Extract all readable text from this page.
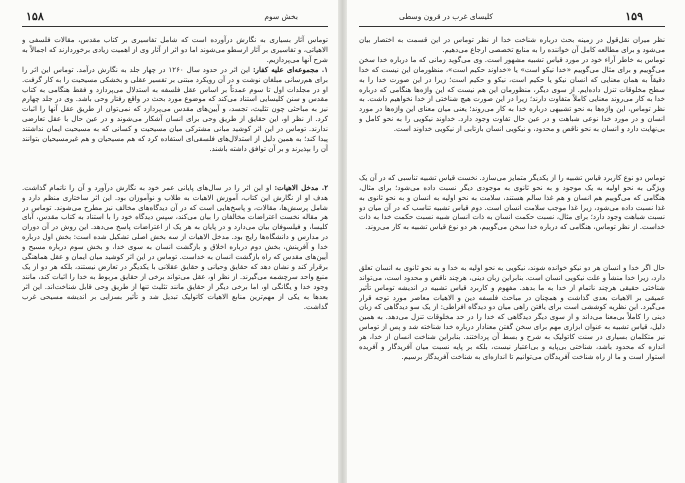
۱۵۸	بخش سوم

توماس آثار بسیاری به نگارش درآورده است که شامل تفاسیری بر کتاب مقدس، مقالات فلسفی و الاهیاتی، و تفاسیری بر آثار ارسطو می‌شوند اما دو اثر از آثار وی از اهمیت زیادی برخوردارند که اجمالاً به شرح آنها می‌پردازیم.

۱. مجموعه‌ای علیه کفار: این اثر در حدود سال ۱۲۶۰ در چهار جلد به نگارش درآمد. توماس این اثر را برای هم‌رسانی مبلغان نوشت و در آن رویکرد مبتنی بر تفسیر عقلی و بخشکی مسیحیت را به کار گرفت. او در مجلدات اول تا سوم عمدتاً بر اساس عقل فلسفه به استدلال می‌پردازد و فقط هنگامی به کتاب مقدس و سنن کلیسایی استناد می‌کند که موضوع مورد بحث در واقع رفتار وحی باشد. وی در جلد چهارم نیز به مباحثی چون تثلیث، تجسد، و آیین‌های مقدس می‌پردازد که نمی‌توان از طریق عقل آنها را اثبات کرد. از نظر او، این حقایق از طریق وحی برای انسان آشکار می‌شوند و در عین حال با عقل تعارضی ندارند. توماس در این اثر کوشید مبانی مشترکی میان مسیحیت و کسانی که به مسیحیت ایمان نداشتند پیدا کند؛ به همین دلیل از استدلال‌های فلسفی‌ای استفاده کرد که هم مسیحیان و هم غیرمسیحیان بتوانند آن را بپذیرند و بر آن توافق داشته باشند.

۲. مدخل الاهیات: او این اثر را در سال‌های پایانی عمر خود به نگارش درآورد و آن را ناتمام گذاشت. هدف او از نگارش این کتاب، آموزش الاهیات به طلاب و نوآموزان بود. این اثر ساختاری منظم دارد و شامل پرسش‌ها، مقالات، و پاسخ‌هایی است که در آن دیدگاه‌های مخالف نیز مطرح می‌شوند. توماس در هر مقاله نخست اعتراضات مخالفان را بیان می‌کند، سپس دیدگاه خود را با استناد به کتاب مقدس، آبای کلیسا، و فیلسوفان بیان می‌دارد و در پایان به هر یک از اعتراضات پاسخ می‌دهد. این روش در آن دوران در مدارس و دانشگاه‌ها رایج بود. مدخل الاهیات از سه بخش اصلی تشکیل شده است: بخش اول درباره خدا و آفرینش، بخش دوم درباره اخلاق و بازگشت انسان به سوی خدا، و بخش سوم درباره مسیح و آیین‌های مقدس که راه بازگشت انسان به خداست. توماس در این اثر کوشید میان ایمان و عقل هماهنگی برقرار کند و نشان دهد که حقایق وحیانی و حقایق عقلانی با یکدیگر در تعارض نیستند، بلکه هر دو از یک منبع واحد سرچشمه می‌گیرند. از نظر او، عقل می‌تواند برخی از حقایق مربوط به خدا را اثبات کند، مانند وجود خدا و یگانگی او، اما برخی دیگر از حقایق مانند تثلیث تنها از طریق وحی قابل شناخت‌اند. این اثر بعدها به یکی از مهم‌ترین منابع الاهیات کاتولیک تبدیل شد و تأثیر بسزایی بر اندیشه مسیحی غرب گذاشت.

۱۵۹
کلیسای غرب در قرون وسطی

نظر میران نقل‌قول در زمینه بحث درباره شناخت خدا از نظر توماس در این قسمت به اختصار بیان می‌شود و برای مطالعه کامل آن خواننده را به منابع تخصصی ارجاع می‌دهیم.

توماس به خاطر آراء خود در مورد قیاس تشبیه مشهور است. وی می‌گوید زمانی که ما درباره خدا سخن می‌گوییم و برای مثال می‌گوییم «خدا نیکو است» یا «خداوند حکیم است»، منظورمان این نیست که خدا دقیقاً به همان معنایی که انسان نیکو یا حکیم است، نیکو و حکیم است؛ زیرا در این صورت خدا را به سطح مخلوقات تنزل داده‌ایم. از سوی دیگر، منظورمان این هم نیست که این واژه‌ها هنگامی که درباره خدا به کار می‌روند معنایی کاملاً متفاوت دارند؛ زیرا در این صورت هیچ شناختی از خدا نخواهیم داشت. به نظر توماس، این واژه‌ها به نحو تشبیهی درباره خدا به کار می‌روند؛ یعنی میان معنای این واژه‌ها در مورد انسان و در مورد خدا نوعی شباهت و در عین حال تفاوت وجود دارد. خداوند نیکویی را به نحو کامل و بی‌نهایت دارد و انسان به نحو ناقص و محدود، و نیکویی انسان بازتابی از نیکویی خداوند است.

توماس دو نوع کاربرد قیاس تشبیه را از یکدیگر متمایز می‌سازد. نخست قیاس تشبیه تناسبی که در آن یک ویژگی به نحو اولیه به یک موجود و به نحو ثانوی به موجودی دیگر نسبت داده می‌شود؛ برای مثال، هنگامی که می‌گوییم هم انسان و هم غذا سالم هستند، سلامت به نحو اولیه به انسان و به نحو ثانوی به غذا نسبت داده می‌شود، زیرا غذا موجب سلامت انسان است. دوم قیاس تشبیه تناسب که در آن میان دو نسبت شباهت وجود دارد؛ برای مثال، نسبت حکمت انسان به ذات انسان شبیه نسبت حکمت خدا به ذات خداست. از نظر توماس، هنگامی که درباره خدا سخن می‌گوییم، هر دو نوع قیاس تشبیه به کار می‌روند.

حال اگر خدا و انسان هر دو نیکو خوانده شوند، نیکویی به نحو اولیه به خدا و به نحو ثانوی به انسان تعلق دارد، زیرا خدا منشأ و علت نیکویی انسان است. بنابراین زبان دینی، هرچند ناقص و محدود است، می‌تواند شناختی حقیقی هرچند ناتمام از خدا به ما بدهد. مفهوم و کاربرد قیاس تشبیه در اندیشه توماس تأثیر عمیقی بر الاهیات بعدی گذاشت و همچنان در مباحث فلسفه دین و الاهیات معاصر مورد توجه قرار می‌گیرد. این نظریه کوششی است برای یافتن راهی میان دو دیدگاه افراطی: از یک سو دیدگاهی که زبان دینی را کاملاً بی‌معنا می‌داند و از سوی دیگر دیدگاهی که خدا را در حد مخلوقات تنزل می‌دهد. به همین دلیل، قیاس تشبیه به عنوان ابزاری مهم برای سخن گفتن معنادار درباره خدا شناخته شد و پس از توماس نیز متکلمان بسیاری در سنت کاتولیک به شرح و بسط آن پرداختند. بنابراین شناخت انسان از خدا، هر اندازه که محدود باشد، شناختی بی‌پایه و بی‌اعتبار نیست، بلکه بر پایه نسبت میان آفریدگار و آفریده استوار است و ما از راه شناخت آفریدگان می‌توانیم تا اندازه‌ای به شناخت آفریدگار برسیم.
